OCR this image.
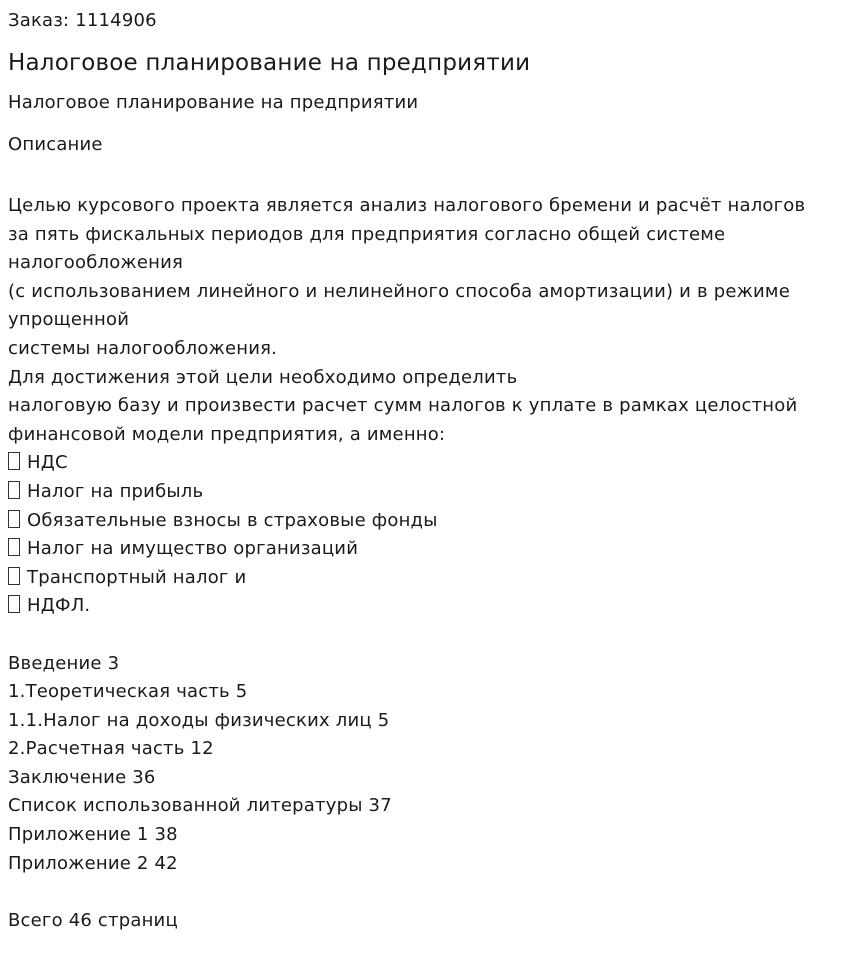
Заказ: 1114906
Налоговое планирование на предприятии
Налоговое планирование на предприятии
Описание
Целью курсового проекта является анализ налогового бремени и расчёт налогов
за пять фискальных периодов для предприятия согласно общей системе
налогообложения
(с использованием линейного и нелинейного способа амортизации) и в режиме
упрощенной
системы налогообложения.
Для достижения этой цели необходимо определить
налоговую базу и произвести расчет сумм налогов к уплате в рамках целостной
финансовой модели предприятия, а именно:
НДС
Налог на прибыль
Обязательные взносы в страховые фонды
Налог на имущество организаций
Транспортный налог и
НДФЛ.
Введение 3
1.Теоретическая часть 5
1.1.Налог на доходы физических лиц 5
2.Расчетная часть 12
Заключение 36
Список использованной литературы 37
Приложение 1 38
Приложение 2 42
Всего 46 страниц
